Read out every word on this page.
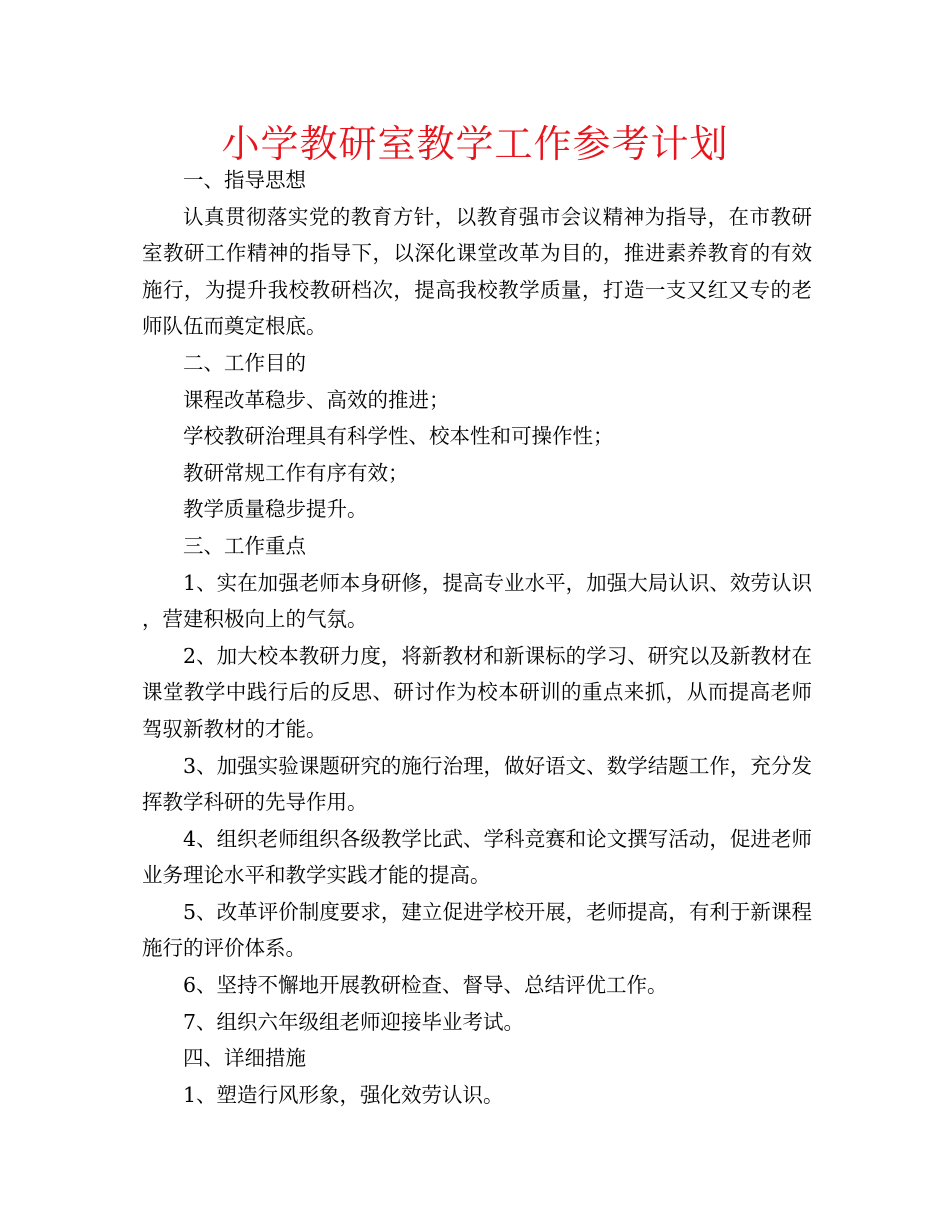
小学教研室教学工作参考计划

一、指导思想

认真贯彻落实党的教育方针，以教育强市会议精神为指导，在市教研室教研工作精神的指导下，以深化课堂改革为目的，推进素养教育的有效施行，为提升我校教研档次，提高我校教学质量，打造一支又红又专的老师队伍而奠定根底。

二、工作目的

课程改革稳步、高效的推进；

学校教研治理具有科学性、校本性和可操作性；

教研常规工作有序有效；

教学质量稳步提升。

三、工作重点

1、实在加强老师本身研修，提高专业水平，加强大局认识、效劳认识，营建积极向上的气氛。

2、加大校本教研力度，将新教材和新课标的学习、研究以及新教材在课堂教学中践行后的反思、研讨作为校本研训的重点来抓，从而提高老师驾驭新教材的才能。

3、加强实验课题研究的施行治理，做好语文、数学结题工作，充分发挥教学科研的先导作用。

4、组织老师组织各级教学比武、学科竞赛和论文撰写活动，促进老师业务理论水平和教学实践才能的提高。

5、改革评价制度要求，建立促进学校开展，老师提高，有利于新课程施行的评价体系。

6、坚持不懈地开展教研检查、督导、总结评优工作。

7、组织六年级组老师迎接毕业考试。

四、详细措施

1、塑造行风形象，强化效劳认识。
